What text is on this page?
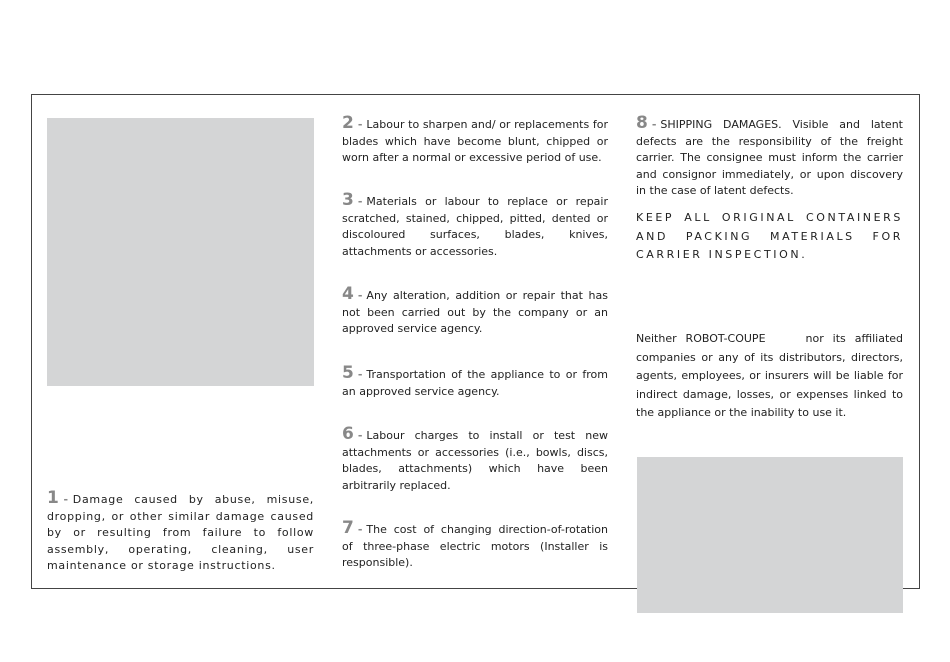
1 - Damage caused by abuse, misuse, dropping, or other similar damage caused by or resulting from failure to follow assembly, operating, cleaning, user maintenance or storage instructions.

2 - Labour to sharpen and/ or replacements for blades which have become blunt, chipped or worn after a normal or excessive period of use.

3 - Materials or labour to replace or repair scratched, stained, chipped, pitted, dented or discoloured surfaces, blades, knives, attachments or accessories.

4 - Any alteration, addition or repair that has not been carried out by the company or an approved service agency.

5 - Transportation of the appliance to or from an approved service agency.

6 - Labour charges to install or test new attachments or accessories (i.e., bowls, discs, blades, attachments) which have been arbitrarily replaced.

7 - The cost of changing direction-of-rotation of three-phase electric motors (Installer is responsible).

8 - SHIPPING DAMAGES. Visible and latent defects are the responsibility of the freight carrier. The consignee must inform the carrier and consignor immediately, or upon discovery in the case of latent defects.

KEEP ALL ORIGINAL CONTAINERS AND PACKING MATERIALS FOR CARRIER INSPECTION.

Neither ROBOT-COUPE	nor its affiliated companies or any of its distributors, directors, agents, employees, or insurers will be liable for indirect damage, losses, or expenses linked to the appliance or the inability to use it.
